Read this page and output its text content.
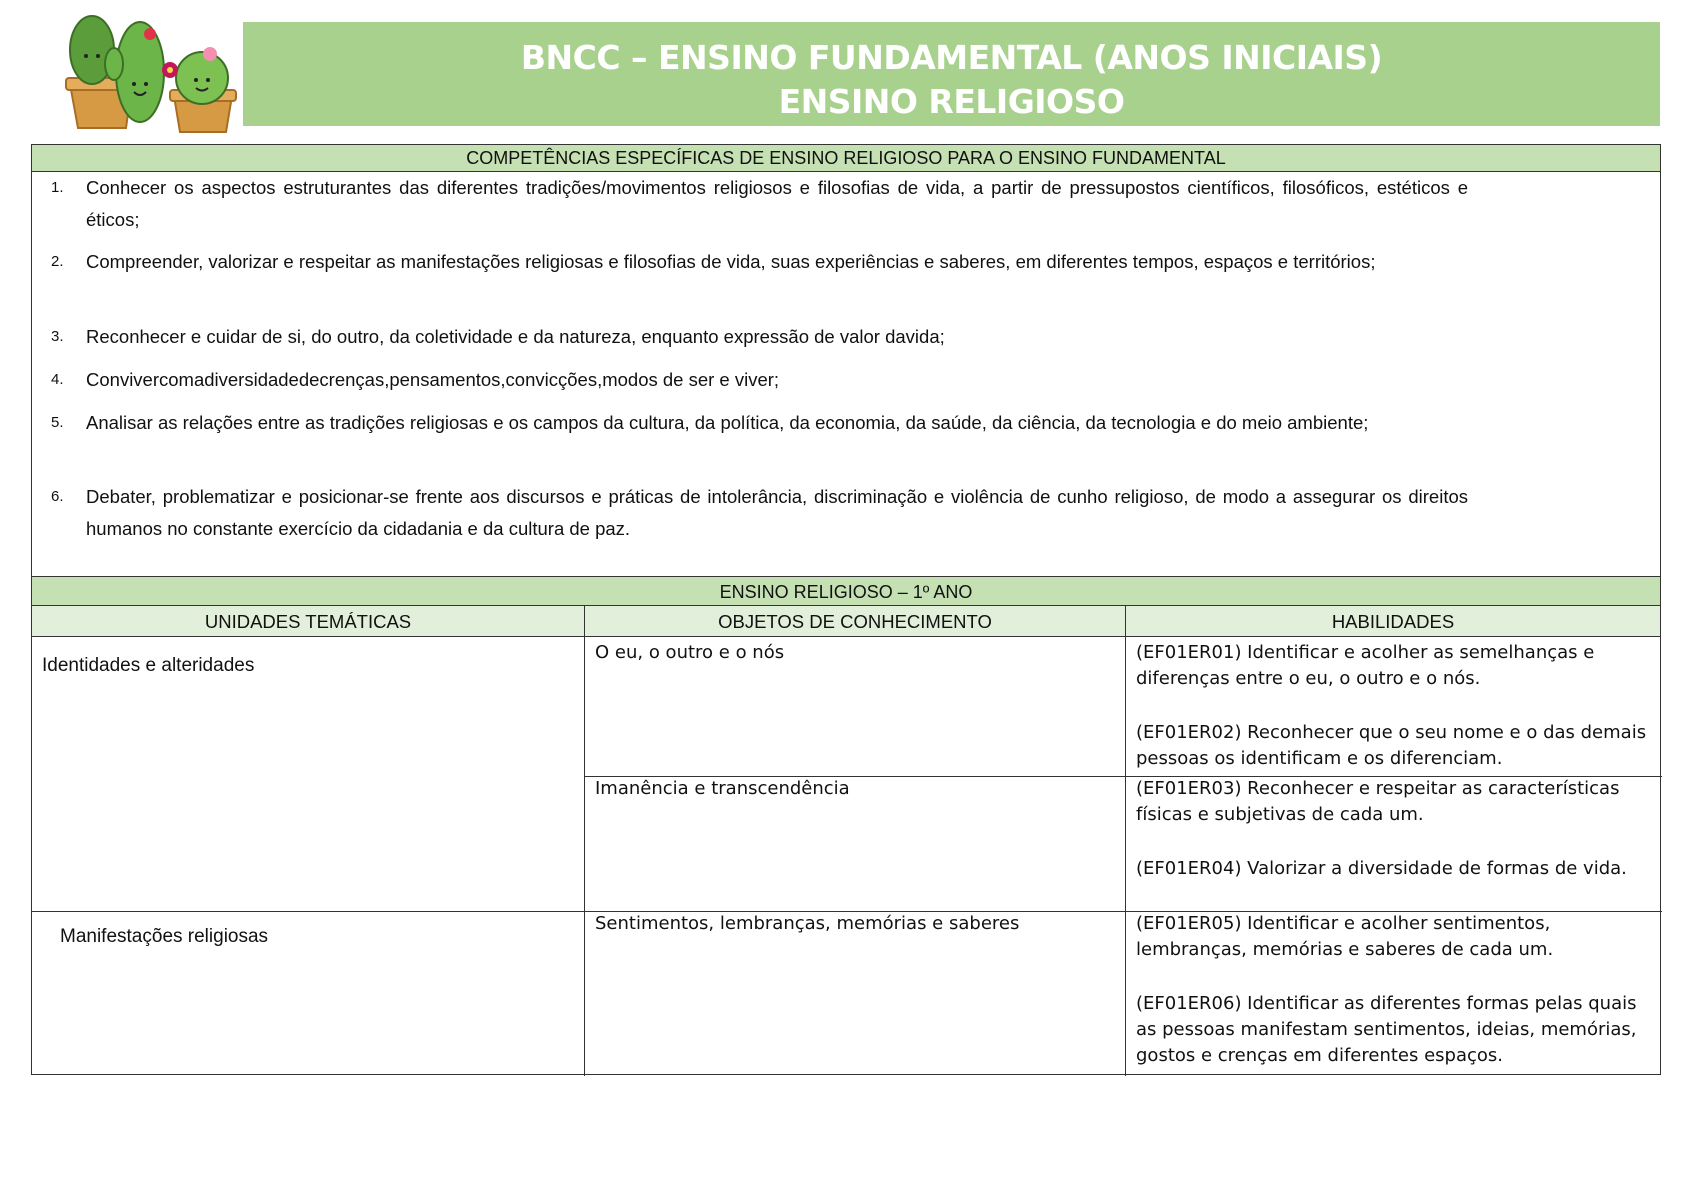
BNCC – ENSINO FUNDAMENTAL (ANOS INICIAIS)
ENSINO RELIGIOSO
COMPETÊNCIAS ESPECÍFICAS DE ENSINO RELIGIOSO PARA O ENSINO FUNDAMENTAL
1. Conhecer os aspectos estruturantes das diferentes tradições/movimentos religiosos e filosofias de vida, a partir de pressupostos científicos, filosóficos, estéticos e éticos;
2. Compreender, valorizar e respeitar as manifestações religiosas e filosofias de vida, suas experiências e saberes, em diferentes tempos, espaços e territórios;
3. Reconhecer e cuidar de si, do outro, da coletividade e da natureza, enquanto expressão de valor davida;
4. Convivercomadiversidadedecrenças,pensamentos,convicções,modos de ser e viver;
5. Analisar as relações entre as tradições religiosas e os campos da cultura, da política, da economia, da saúde, da ciência, da tecnologia e do meio ambiente;
6. Debater, problematizar e posicionar-se frente aos discursos e práticas de intolerância, discriminação e violência de cunho religioso, de modo a assegurar os direitos humanos no constante exercício da cidadania e da cultura de paz.
ENSINO RELIGIOSO – 1º ANO
UNIDADES TEMÁTICAS	OBJETOS DE CONHECIMENTO	HABILIDADES
Identidades e alteridades
O eu, o outro e o nós	(EF01ER01) Identificar e acolher as semelhanças e diferenças entre o eu, o outro e o nós.
(EF01ER02) Reconhecer que o seu nome e o das demais pessoas os identificam e os diferenciam.
Imanência e transcendência	(EF01ER03) Reconhecer e respeitar as características físicas e subjetivas de cada um.
(EF01ER04) Valorizar a diversidade de formas de vida.
Manifestações religiosas
Sentimentos, lembranças, memórias e saberes	(EF01ER05) Identificar e acolher sentimentos, lembranças, memórias e saberes de cada um.
(EF01ER06) Identificar as diferentes formas pelas quais as pessoas manifestam sentimentos, ideias, memórias, gostos e crenças em diferentes espaços.
